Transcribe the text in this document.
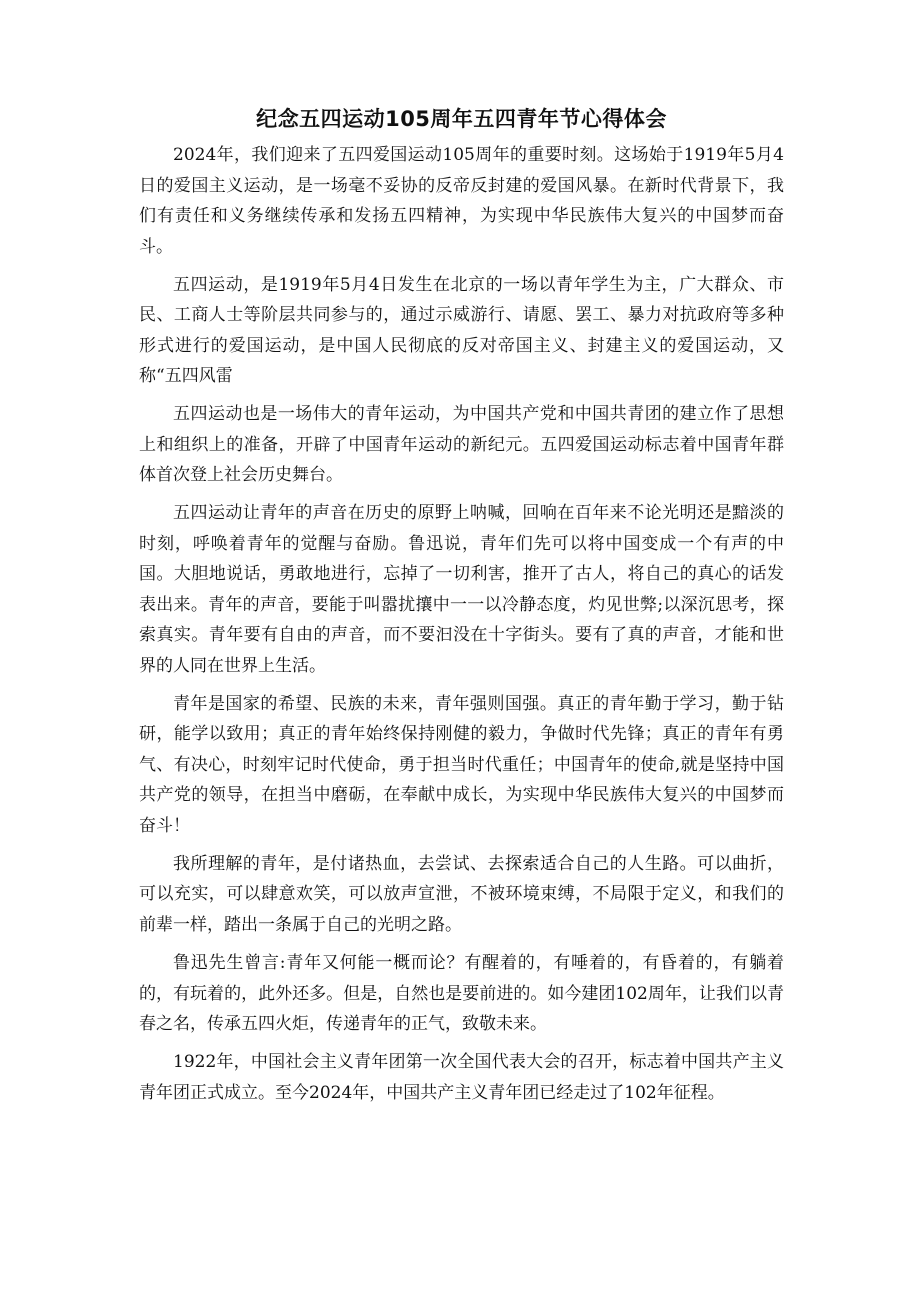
纪念五四运动105周年五四青年节心得体会

2024年，我们迎来了五四爱国运动105周年的重要时刻。这场始于1919年5月4日的爱国主义运动，是一场毫不妥协的反帝反封建的爱国风暴。在新时代背景下，我们有责任和义务继续传承和发扬五四精神，为实现中华民族伟大复兴的中国梦而奋斗。

五四运动，是1919年5月4日发生在北京的一场以青年学生为主，广大群众、市民、工商人士等阶层共同参与的，通过示威游行、请愿、罢工、暴力对抗政府等多种形式进行的爱国运动，是中国人民彻底的反对帝国主义、封建主义的爱国运动，又称“五四风雷

五四运动也是一场伟大的青年运动，为中国共产党和中国共青团的建立作了思想上和组织上的准备，开辟了中国青年运动的新纪元。五四爱国运动标志着中国青年群体首次登上社会历史舞台。

五四运动让青年的声音在历史的原野上呐喊，回响在百年来不论光明还是黯淡的时刻，呼唤着青年的觉醒与奋励。鲁迅说，青年们先可以将中国变成一个有声的中国。大胆地说话，勇敢地进行，忘掉了一切利害，推开了古人，将自己的真心的话发表出来。青年的声音，要能于叫嚣扰攘中一一以冷静态度，灼见世弊;以深沉思考，探索真实。青年要有自由的声音，而不要汩没在十字街头。要有了真的声音，才能和世界的人同在世界上生活。

青年是国家的希望、民族的未来，青年强则国强。真正的青年勤于学习，勤于钻研，能学以致用；真正的青年始终保持刚健的毅力，争做时代先锋；真正的青年有勇气、有决心，时刻牢记时代使命，勇于担当时代重任；中国青年的使命,就是坚持中国共产党的领导，在担当中磨砺，在奉献中成长，为实现中华民族伟大复兴的中国梦而奋斗！

我所理解的青年，是付诸热血，去尝试、去探索适合自己的人生路。可以曲折，可以充实，可以肆意欢笑，可以放声宣泄，不被环境束缚，不局限于定义，和我们的前辈一样，踏出一条属于自己的光明之路。

鲁迅先生曾言:青年又何能一概而论？有醒着的，有唾着的，有昏着的，有躺着的，有玩着的，此外还多。但是，自然也是要前进的。如今建团102周年，让我们以青春之名，传承五四火炬，传递青年的正气，致敬未来。

1922年，中国社会主义青年团第一次全国代表大会的召开，标志着中国共产主义青年团正式成立。至今2024年，中国共产主义青年团已经走过了102年征程。
